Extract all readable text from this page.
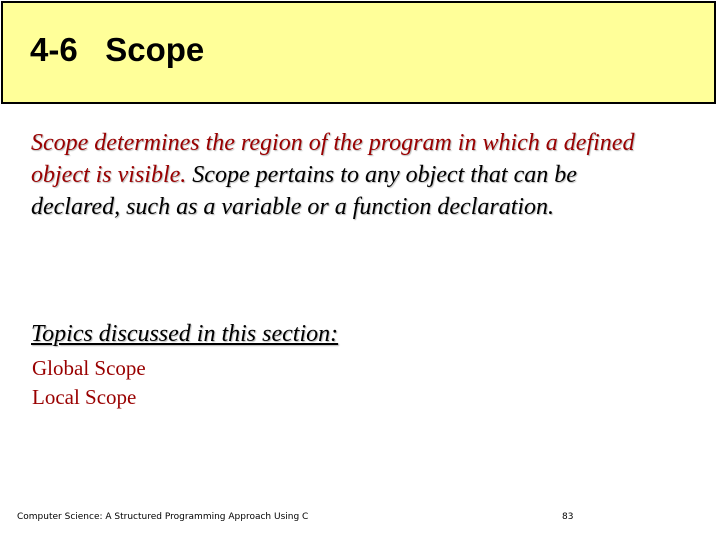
4-6   Scope

Scope determines the region of the program in which a defined object is visible. Scope pertains to any object that can be declared, such as a variable or a function declaration.

Topics discussed in this section:

Global Scope
Local Scope

Computer Science: A Structured Programming Approach Using C	83
